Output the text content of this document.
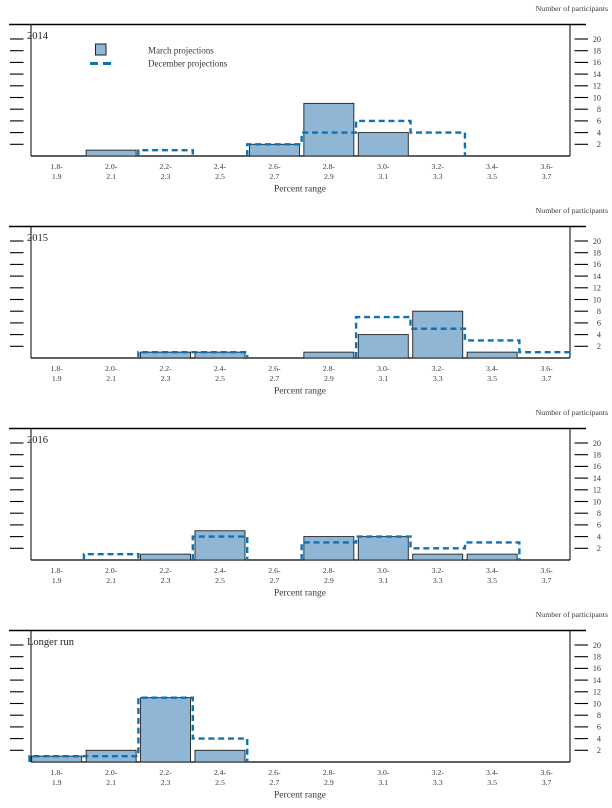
Number of participants
2
4
6
8
10
12
14
16
18
20
2014
March projections
December projections
1.8-
1.9
2.0-
2.1
2.2-
2.3
2.4-
2.5
2.6-
2.7
2.8-
2.9
3.0-
3.1
3.2-
3.3
3.4-
3.5
3.6-
3.7
Percent range
Number of participants
2
4
6
8
10
12
14
16
18
20
2015
1.8-
1.9
2.0-
2.1
2.2-
2.3
2.4-
2.5
2.6-
2.7
2.8-
2.9
3.0-
3.1
3.2-
3.3
3.4-
3.5
3.6-
3.7
Percent range
Number of participants
2
4
6
8
10
12
14
16
18
20
2016
1.8-
1.9
2.0-
2.1
2.2-
2.3
2.4-
2.5
2.6-
2.7
2.8-
2.9
3.0-
3.1
3.2-
3.3
3.4-
3.5
3.6-
3.7
Percent range
Number of participants
2
4
6
8
10
12
14
16
18
20
Longer run
1.8-
1.9
2.0-
2.1
2.2-
2.3
2.4-
2.5
2.6-
2.7
2.8-
2.9
3.0-
3.1
3.2-
3.3
3.4-
3.5
3.6-
3.7
Percent range
